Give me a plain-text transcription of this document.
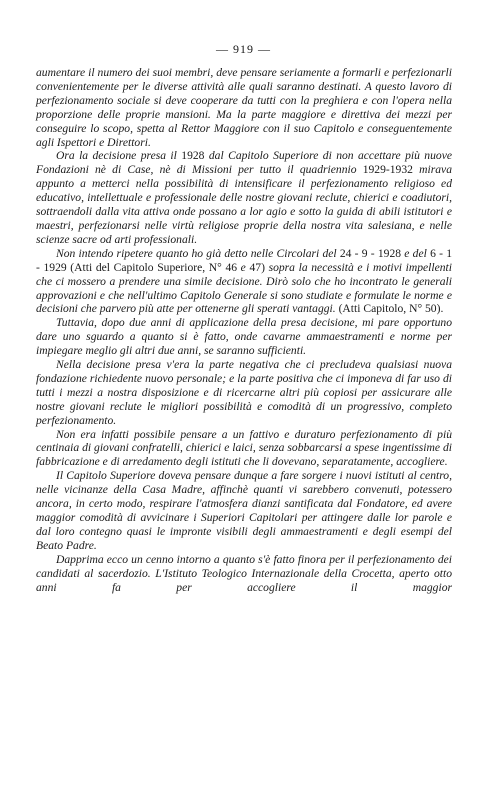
— 919 —

aumentare il numero dei suoi membri, deve pensare seriamente a formarli e perfezionarli convenientemente per le diverse attività alle quali saranno destinati. A questo lavoro di perfezionamento sociale si deve cooperare da tutti con la preghiera e con l'opera nella proporzione delle proprie mansioni. Ma la parte maggiore e direttiva dei mezzi per conseguire lo scopo, spetta al Rettor Maggiore con il suo Capitolo e conseguentemente agli Ispettori e Direttori.

Ora la decisione presa il 1928 dal Capitolo Superiore di non accettare più nuove Fondazioni nè di Case, nè di Missioni per tutto il quadriennio 1929-1932 mirava appunto a metterci nella possibilità di intensificare il perfezionamento religioso ed educativo, intellettuale e professionale delle nostre giovani reclute, chierici e coadiutori, sottraendoli dalla vita attiva onde possano a lor agio e sotto la guida di abili istitutori e maestri, perfezionarsi nelle virtù religiose proprie della nostra vita salesiana, e nelle scienze sacre od arti professionali.

Non intendo ripetere quanto ho già detto nelle Circolari del 24 - 9 - 1928 e del 6 - 1 - 1929 (Atti del Capitolo Superiore, N° 46 e 47) sopra la necessità e i motivi impellenti che ci mossero a prendere una simile decisione. Dirò solo che ho incontrato le generali approvazioni e che nell'ultimo Capitolo Generale si sono studiate e formulate le norme e decisioni che parvero più atte per ottenerne gli sperati vantaggi. (Atti Capitolo, N° 50).

Tuttavia, dopo due anni di applicazione della presa decisione, mi pare opportuno dare uno sguardo a quanto si è fatto, onde cavarne ammaestramenti e norme per impiegare meglio gli altri due anni, se saranno sufficienti.

Nella decisione presa v'era la parte negativa che ci precludeva qualsiasi nuova fondazione richiedente nuovo personale; e la parte positiva che ci imponeva di far uso di tutti i mezzi a nostra disposizione e di ricercarne altri più copiosi per assicurare alle nostre giovani reclute le migliori possibilità e comodità di un progressivo, completo perfezionamento.

Non era infatti possibile pensare a un fattivo e duraturo perfezionamento di più centinaia di giovani confratelli, chierici e laici, senza sobbarcarsi a spese ingentissime di fabbricazione e di arredamento degli istituti che li dovevano, separatamente, accogliere.

Il Capitolo Superiore doveva pensare dunque a fare sorgere i nuovi istituti al centro, nelle vicinanze della Casa Madre, affinchè quanti vi sarebbero convenuti, potessero ancora, in certo modo, respirare l'atmosfera dianzi santificata dal Fondatore, ed avere maggior comodità di avvicinare i Superiori Capitolari per attingere dalle lor parole e dal loro contegno quasi le impronte visibili degli ammaestramenti e degli esempi del Beato Padre.

Dapprima ecco un cenno intorno a quanto s'è fatto finora per il perfezionamento dei candidati al sacerdozio. L'Istituto Teologico Internazionale della Crocetta, aperto otto anni fa per accogliere il maggior
